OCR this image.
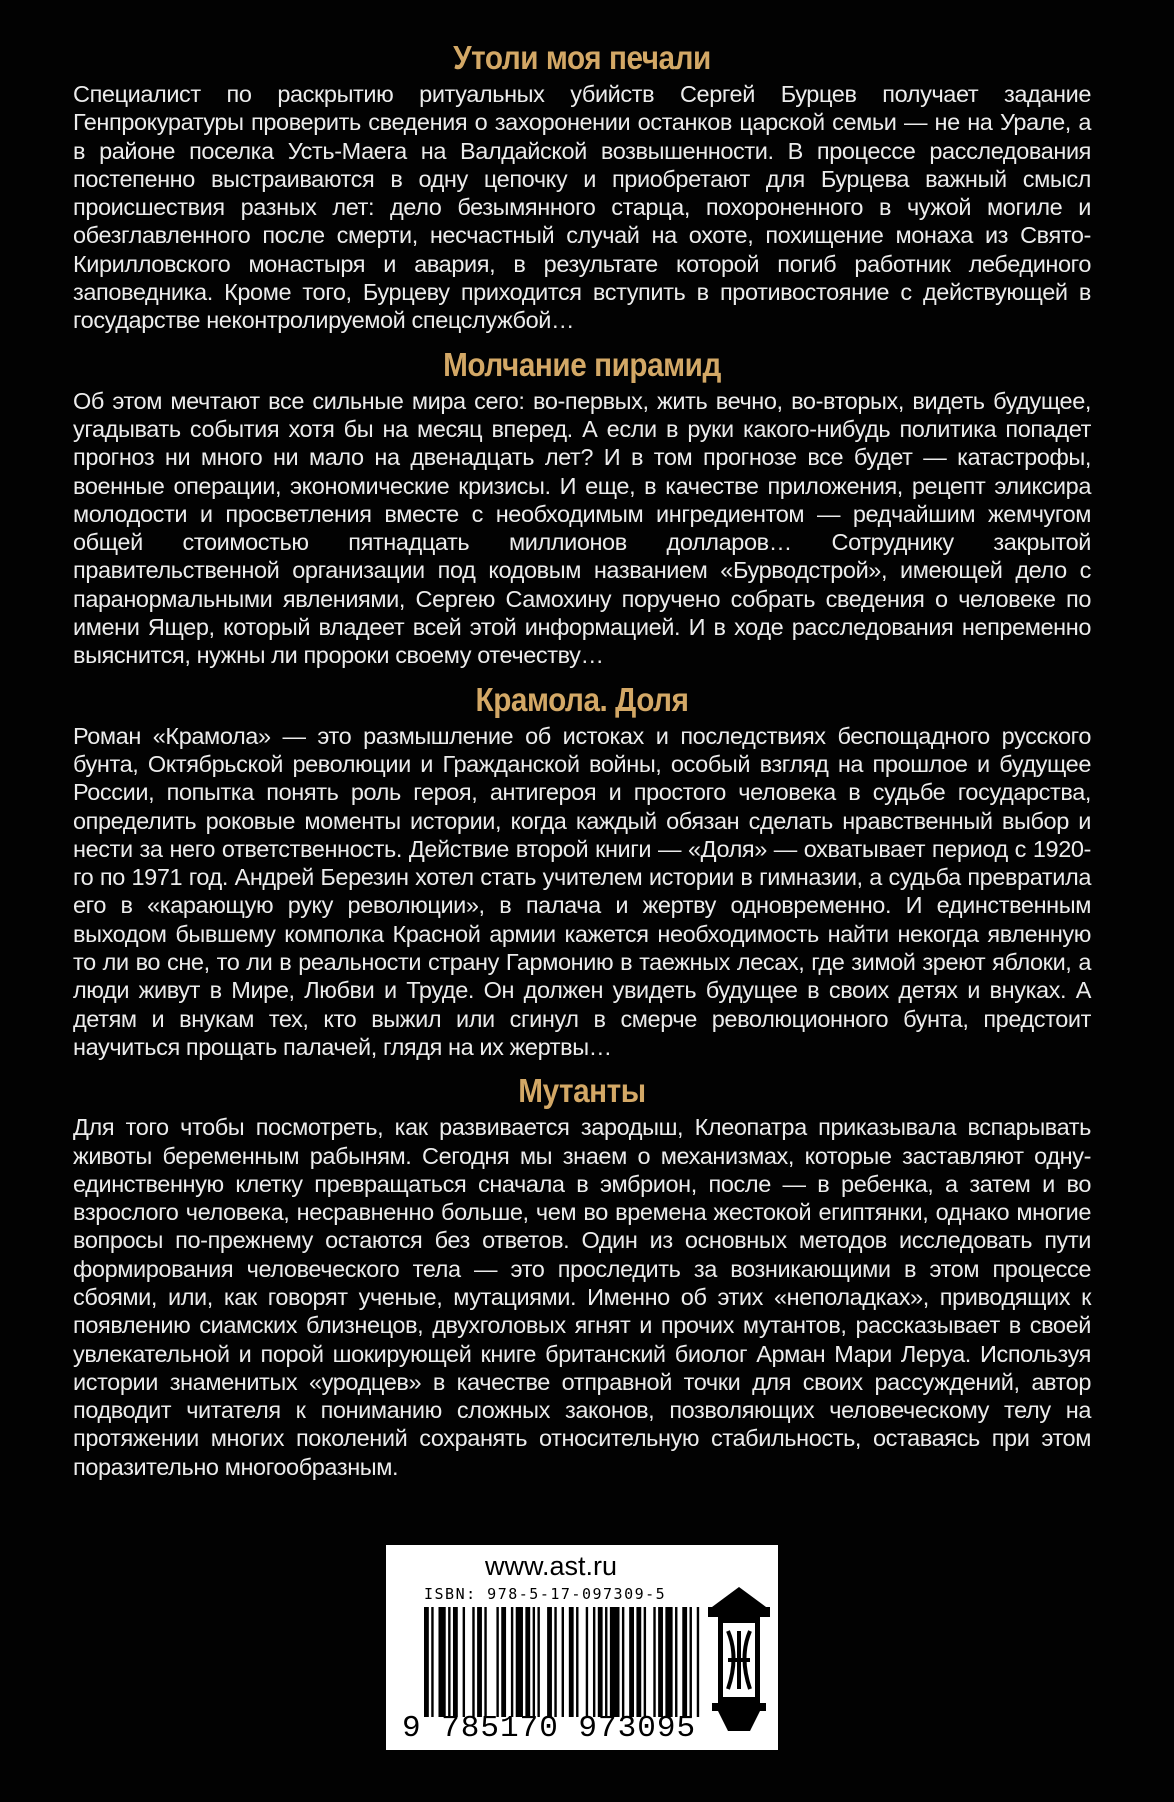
Утоли моя печали

Специалист по раскрытию ритуальных убийств Сергей Бурцев получает задание Генпрокуратуры проверить сведения о захоронении останков царской семьи — не на Урале, а в районе поселка Усть-Маега на Валдайской возвышенности. В процессе расследования постепенно выстраиваются в одну цепочку и приобретают для Бурцева важный смысл происшествия разных лет: дело безымянного старца, похороненного в чужой могиле и обезглавленного после смерти, несчастный случай на охоте, похищение монаха из Свято-Кирилловского монастыря и авария, в результате которой погиб работник лебединого заповедника. Кроме того, Бурцеву приходится вступить в противостояние с действующей в государстве неконтролируемой спецслужбой…

Молчание пирамид

Об этом мечтают все сильные мира сего: во-первых, жить вечно, во-вторых, видеть будущее, угадывать события хотя бы на месяц вперед. А если в руки какого-нибудь политика попадет прогноз ни много ни мало на двенадцать лет? И в том прогнозе все будет — катастрофы, военные операции, экономические кризисы. И еще, в качестве приложения, рецепт эликсира молодости и просветления вместе с необходимым ингредиентом — редчайшим жемчугом общей стоимостью пятнадцать миллионов долларов… Сотруднику закрытой правительственной организации под кодовым названием «Бурводстрой», имеющей дело с паранормальными явлениями, Сергею Самохину поручено собрать сведения о человеке по имени Ящер, который владеет всей этой информацией. И в ходе расследования непременно выяснится, нужны ли пророки своему отечеству…

Крамола. Доля

Роман «Крамола» — это размышление об истоках и последствиях беспощадного русского бунта, Октябрьской революции и Гражданской войны, особый взгляд на прошлое и будущее России, попытка понять роль героя, антигероя и простого человека в судьбе государства, определить роковые моменты истории, когда каждый обязан сделать нравственный выбор и нести за него ответственность. Действие второй книги — «Доля» — охватывает период с 1920-го по 1971 год. Андрей Березин хотел стать учителем истории в гимназии, а судьба превратила его в «карающую руку революции», в палача и жертву одновременно. И единственным выходом бывшему комполка Красной армии кажется необходимость найти некогда явленную то ли во сне, то ли в реальности страну Гармонию в таежных лесах, где зимой зреют яблоки, а люди живут в Мире, Любви и Труде. Он должен увидеть будущее в своих детях и внуках. А детям и внукам тех, кто выжил или сгинул в смерче революционного бунта, предстоит научиться прощать палачей, глядя на их жертвы…

Мутанты

Для того чтобы посмотреть, как развивается зародыш, Клеопатра приказывала вспарывать животы беременным рабыням. Сегодня мы знаем о механизмах, которые заставляют одну-единственную клетку превращаться сначала в эмбрион, после — в ребенка, а затем и во взрослого человека, несравненно больше, чем во времена жестокой египтянки, однако многие вопросы по-прежнему остаются без ответов. Один из основных методов исследовать пути формирования человеческого тела — это проследить за возникающими в этом процессе сбоями, или, как говорят ученые, мутациями. Именно об этих «неполадках», приводящих к появлению сиамских близнецов, двухголовых ягнят и прочих мутантов, рассказывает в своей увлекательной и порой шокирующей книге британский биолог Арман Мари Леруа. Используя истории знаменитых «уродцев» в качестве отправной точки для своих рассуждений, автор подводит читателя к пониманию сложных законов, позволяющих человеческому телу на протяжении многих поколений сохранять относительную стабильность, оставаясь при этом поразительно многообразным.

www.ast.ru
ISBN: 978-5-17-097309-5
9 785170 973095
